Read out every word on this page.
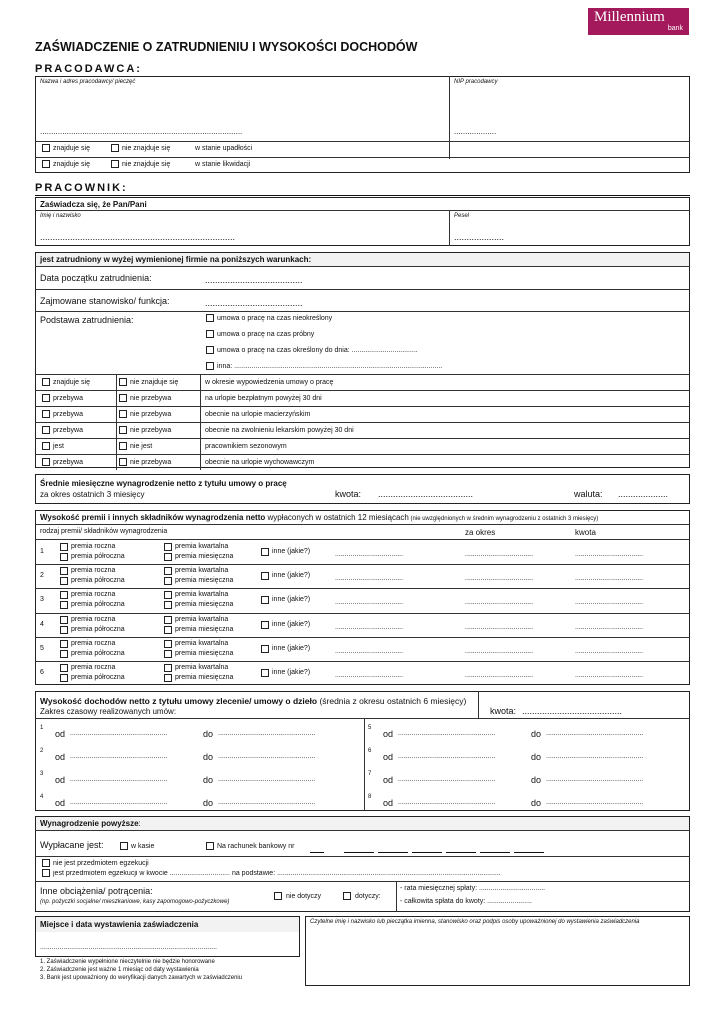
Millennium
bank
ZAŚWIADCZENIE O ZATRUDNIENIU I WYSOKOŚCI DOCHODÓW
PRACODAWCA:
Nazwa i adres pracodawcy/ pieczęć	NIP pracodawcy
...........................................................................................	...................
znajduje się	nie znajduje się	w stanie upadłości
znajduje się	nie znajduje się	w stanie likwidacji
PRACOWNIK:
Zaświadcza się, że Pan/Pani
Imię i nazwisko	Pesel
..............................................................................	....................
jest zatrudniony w wyżej wymienionej firmie na poniższych warunkach:
Data początku zatrudnienia:	.......................................
Zajmowane stanowisko/ funkcja:	.......................................
Podstawa zatrudnienia:	umowa o pracę na czas nieokreślony
umowa o pracę na czas próbny
umowa o pracę na czas określony do dnia: ..................................
inna: ...........................................................................................................
znajduje się	nie znajduje się	w okresie wypowiedzenia umowy o pracę
przebywa	nie przebywa	na urlopie bezpłatnym powyżej 30 dni
przebywa	nie przebywa	obecnie na urlopie macierzyńskim
przebywa	nie przebywa	obecnie na zwolnieniu lekarskim powyżej 30 dni
jest	nie jest	pracownikiem sezonowym
przebywa	nie przebywa	obecnie na urlopie wychowawczym
Średnie miesięczne wynagrodzenie netto z tytułu umowy o pracę
za okres ostatnich 3 miesięcy	kwota: ......................................	waluta: ....................
Wysokość premii i innych składników wynagrodzenia netto wypłaconych w ostatnich 12 miesiącach (nie uwzględnionych w średnim wynagrodzeniu z ostatnich 3 miesięcy)
rodzaj premii/ składników wynagrodzenia	za okres	kwota
1
premia roczna
premia półroczna
premia kwartalna
premia miesięczna
inne (jakie?)	...................................	...................................	...................................
2
premia roczna
premia półroczna
premia kwartalna
premia miesięczna
inne (jakie?)	...................................	...................................	...................................
3
premia roczna
premia półroczna
premia kwartalna
premia miesięczna
inne (jakie?)	...................................	...................................	...................................
4
premia roczna
premia półroczna
premia kwartalna
premia miesięczna
inne (jakie?)	...................................	...................................	...................................
5
premia roczna
premia półroczna
premia kwartalna
premia miesięczna
inne (jakie?)	...................................	...................................	...................................
6
premia roczna
premia półroczna
premia kwartalna
premia miesięczna
inne (jakie?)	...................................	...................................	...................................
Wysokość dochodów netto z tytułu umowy zlecenie/ umowy o dzieło (średnia z okresu ostatnich 6 miesięcy)
Zakres czasowy realizowanych umów:	kwota: ........................................
1
od ..................................................	do ..................................................
5
od ..................................................	do ..................................................
2
od ..................................................	do ..................................................
6
od ..................................................	do ..................................................
3
od ..................................................	do ..................................................
7
od ..................................................	do ..................................................
4
od ..................................................	do ..................................................
8
od ..................................................	do ..................................................
Wynagrodzenie powyższe:
Wypłacane jest:	w kasie	Na rachunek bankowy nr
nie jest przedmiotem egzekucji
jest przedmiotem egzekucji w kwocie ............................... na podstawie: ...................................................................................................................
Inne obciążenia/ potrącenia:
(np. pożyczki socjalne/ mieszkaniowe, kasy zapomogowo-pożyczkowe)
nie dotyczy	dotyczy:
- rata miesięcznej spłaty: ..................................
- całkowita spłata do kwoty: .......................
Miejsce i data wystawienia zaświadczenia
...........................................................................................
Czytelne imię i nazwisko lub pieczątka imienna, stanowisko oraz podpis osoby upoważnionej do wystawienia zaświadczenia
1. Zaświadczenie wypełnione nieczytelnie nie będzie honorowane
2. Zaświadczenie jest ważne 1 miesiąc od daty wystawienia
3. Bank jest upoważniony do weryfikacji danych zawartych w zaświadczeniu
